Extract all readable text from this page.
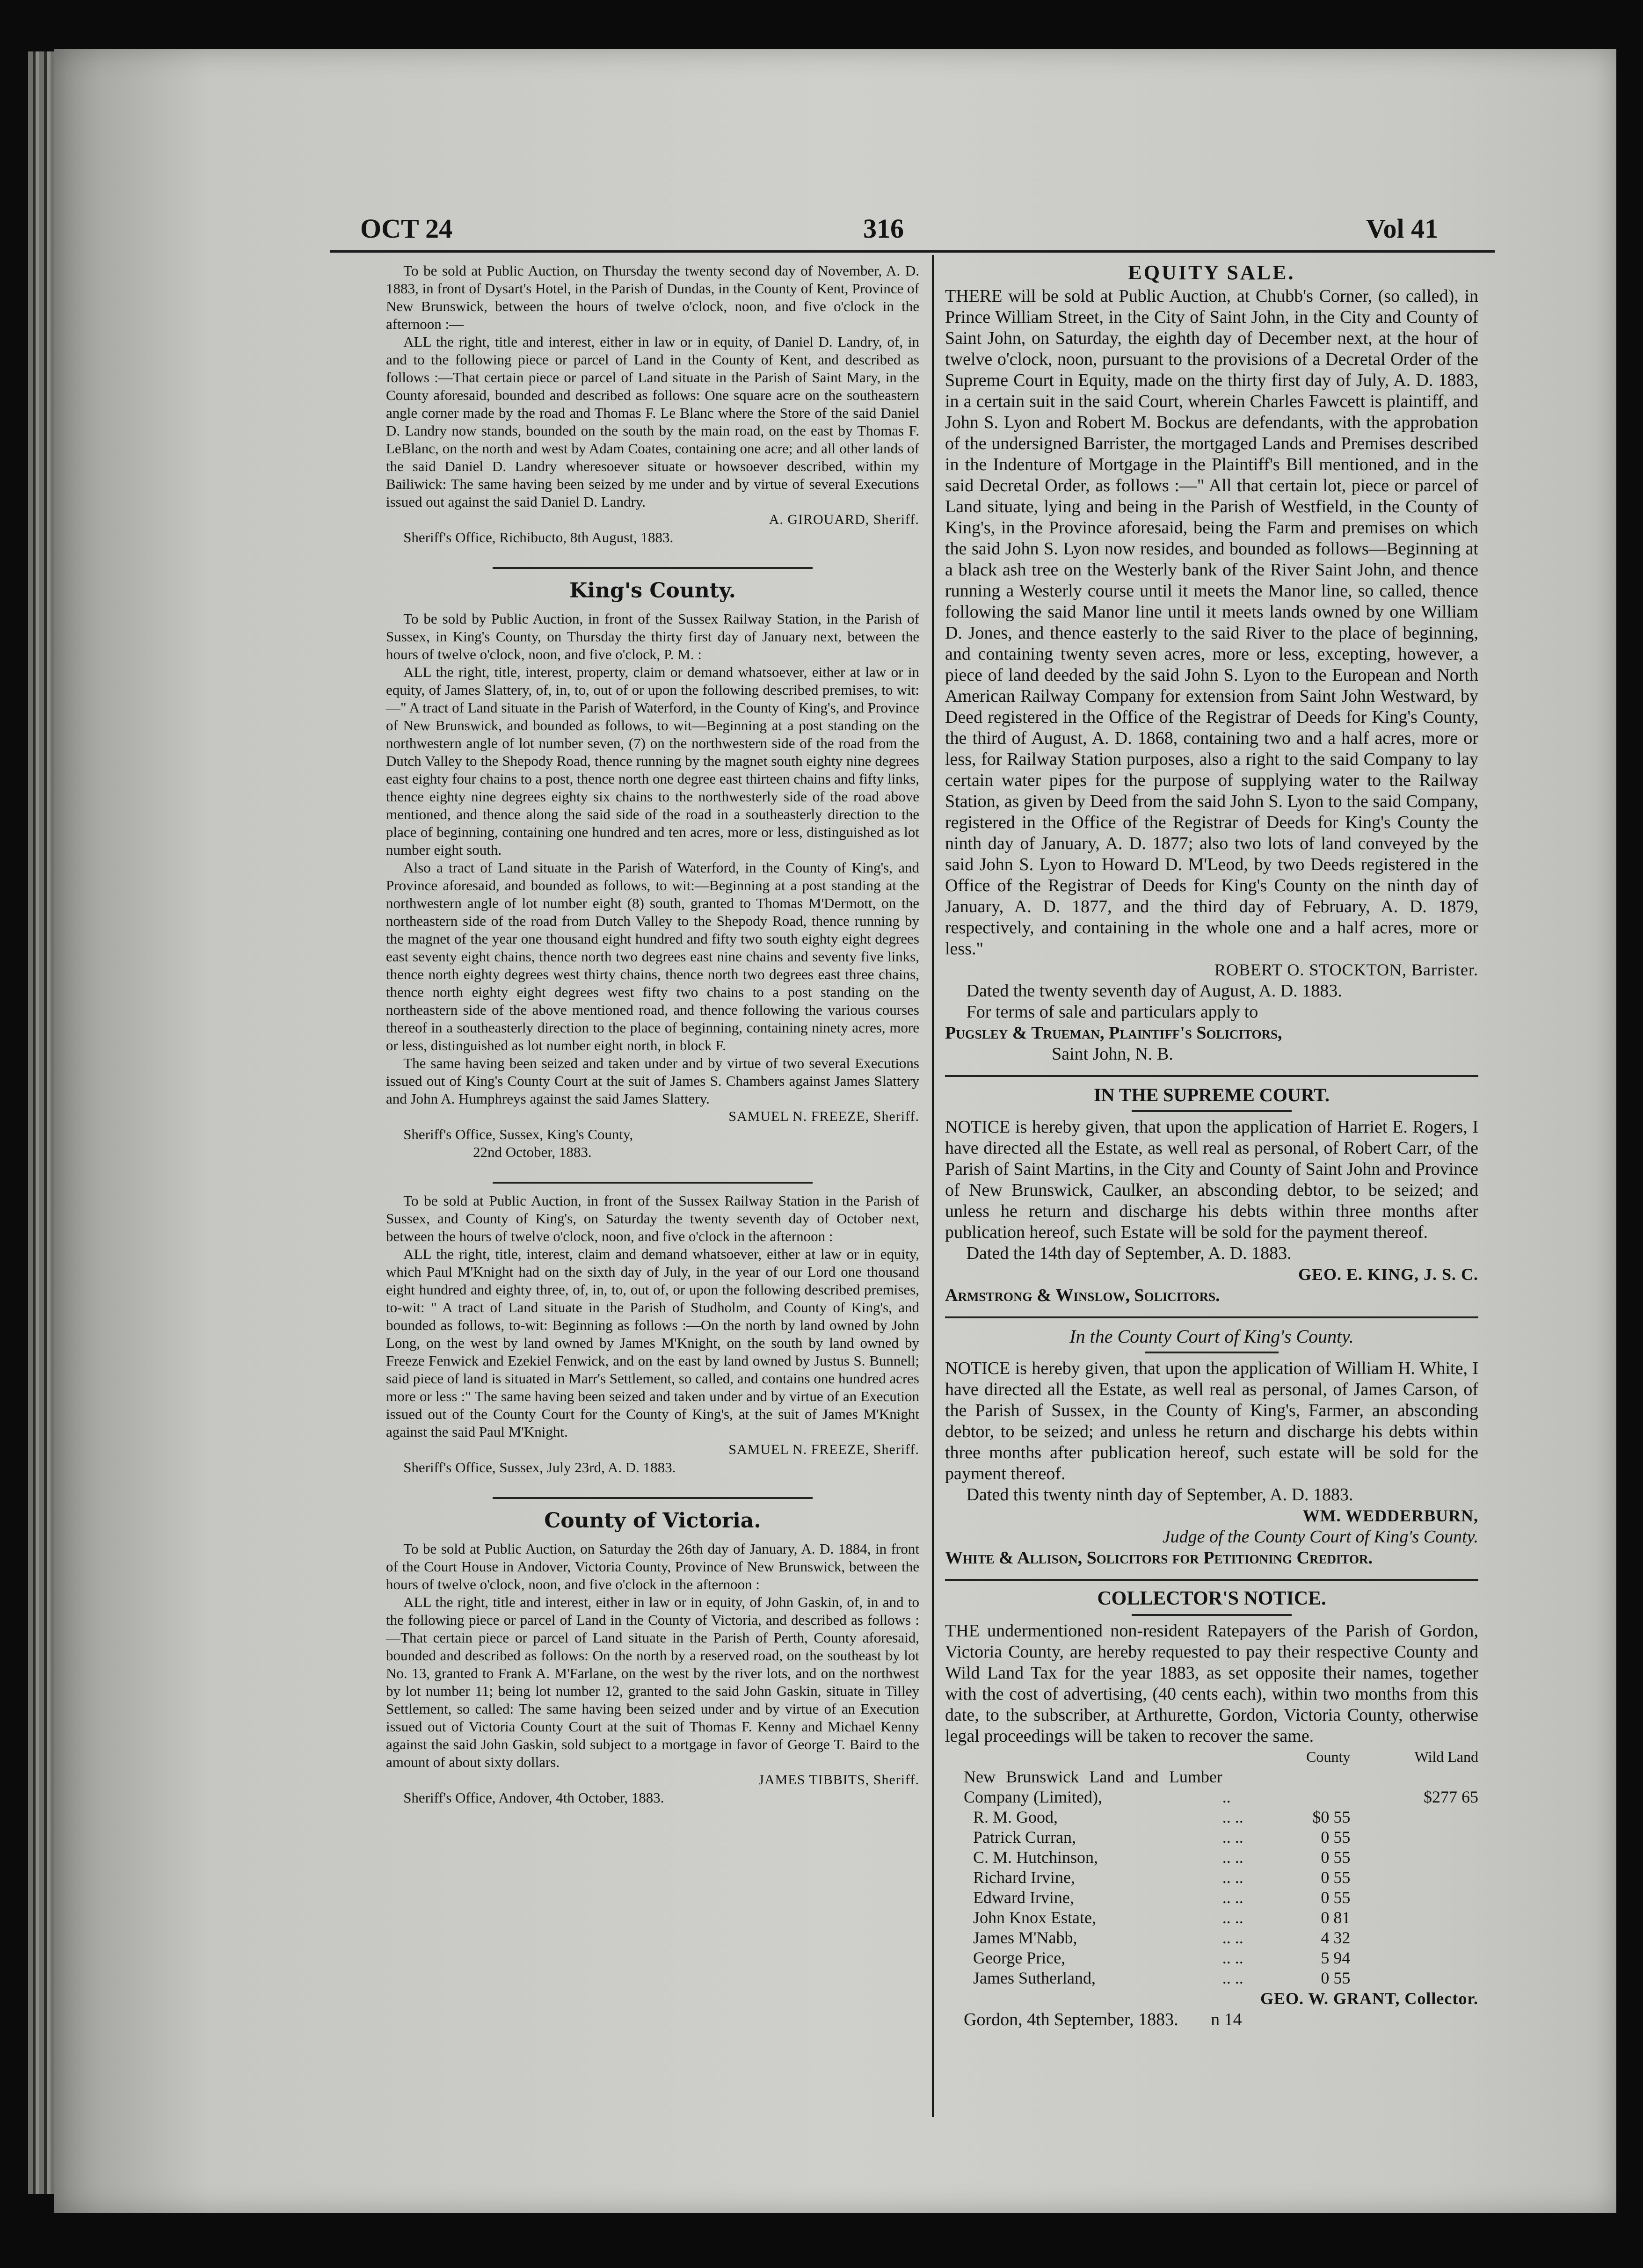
OCT 24	316	Vol 41

To be sold at Public Auction, on Thursday the twenty second day of November, A. D. 1883, in front of Dysart's Hotel, in the Parish of Dundas, in the County of Kent, Province of New Brunswick, between the hours of twelve o'clock, noon, and five o'clock in the afternoon :—

ALL the right, title and interest, either in law or in equity, of Daniel D. Landry, of, in and to the following piece or parcel of Land in the County of Kent, and described as follows :—That certain piece or parcel of Land situate in the Parish of Saint Mary, in the County aforesaid, bounded and described as follows: One square acre on the southeastern angle corner made by the road and Thomas F. Le Blanc where the Store of the said Daniel D. Landry now stands, bounded on the south by the main road, on the east by Thomas F. LeBlanc, on the north and west by Adam Coates, containing one acre; and all other lands of the said Daniel D. Landry wheresoever situate or howsoever described, within my Bailiwick: The same having been seized by me under and by virtue of several Executions issued out against the said Daniel D. Landry.

A. GIROUARD, Sheriff.

Sheriff's Office, Richibucto, 8th August, 1883.

King's County.

To be sold by Public Auction, in front of the Sussex Railway Station, in the Parish of Sussex, in King's County, on Thursday the thirty first day of January next, between the hours of twelve o'clock, noon, and five o'clock, P. M. :

ALL the right, title, interest, property, claim or demand whatsoever, either at law or in equity, of James Slattery, of, in, to, out of or upon the following described premises, to wit:—" A tract of Land situate in the Parish of Waterford, in the County of King's, and Province of New Brunswick, and bounded as follows, to wit—Beginning at a post standing on the northwestern angle of lot number seven, (7) on the northwestern side of the road from the Dutch Valley to the Shepody Road, thence running by the magnet south eighty nine degrees east eighty four chains to a post, thence north one degree east thirteen chains and fifty links, thence eighty nine degrees eighty six chains to the northwesterly side of the road above mentioned, and thence along the said side of the road in a southeasterly direction to the place of beginning, containing one hundred and ten acres, more or less, distinguished as lot number eight south.

Also a tract of Land situate in the Parish of Waterford, in the County of King's, and Province aforesaid, and bounded as follows, to wit:—Beginning at a post standing at the northwestern angle of lot number eight (8) south, granted to Thomas M'Dermott, on the northeastern side of the road from Dutch Valley to the Shepody Road, thence running by the magnet of the year one thousand eight hundred and fifty two south eighty eight degrees east seventy eight chains, thence north two degrees east nine chains and seventy five links, thence north eighty degrees west thirty chains, thence north two degrees east three chains, thence north eighty eight degrees west fifty two chains to a post standing on the northeastern side of the above mentioned road, and thence following the various courses thereof in a southeasterly direction to the place of beginning, containing ninety acres, more or less, distinguished as lot number eight north, in block F.

The same having been seized and taken under and by virtue of two several Executions issued out of King's County Court at the suit of James S. Chambers against James Slattery and John A. Humphreys against the said James Slattery.

SAMUEL N. FREEZE, Sheriff.

Sheriff's Office, Sussex, King's County,

22nd October, 1883.

To be sold at Public Auction, in front of the Sussex Railway Station in the Parish of Sussex, and County of King's, on Saturday the twenty seventh day of October next, between the hours of twelve o'clock, noon, and five o'clock in the afternoon :

ALL the right, title, interest, claim and demand whatsoever, either at law or in equity, which Paul M'Knight had on the sixth day of July, in the year of our Lord one thousand eight hundred and eighty three, of, in, to, out of, or upon the following described premises, to-wit: " A tract of Land situate in the Parish of Studholm, and County of King's, and bounded as follows, to-wit: Beginning as follows :—On the north by land owned by John Long, on the west by land owned by James M'Knight, on the south by land owned by Freeze Fenwick and Ezekiel Fenwick, and on the east by land owned by Justus S. Bunnell; said piece of land is situated in Marr's Settlement, so called, and contains one hundred acres more or less :" The same having been seized and taken under and by virtue of an Execution issued out of the County Court for the County of King's, at the suit of James M'Knight against the said Paul M'Knight.

SAMUEL N. FREEZE, Sheriff.

Sheriff's Office, Sussex, July 23rd, A. D. 1883.

County of Victoria.

To be sold at Public Auction, on Saturday the 26th day of January, A. D. 1884, in front of the Court House in Andover, Victoria County, Province of New Brunswick, between the hours of twelve o'clock, noon, and five o'clock in the afternoon :

ALL the right, title and interest, either in law or in equity, of John Gaskin, of, in and to the following piece or parcel of Land in the County of Victoria, and described as follows :—That certain piece or parcel of Land situate in the Parish of Perth, County aforesaid, bounded and described as follows: On the north by a reserved road, on the southeast by lot No. 13, granted to Frank A. M'Farlane, on the west by the river lots, and on the northwest by lot number 11; being lot number 12, granted to the said John Gaskin, situate in Tilley Settlement, so called: The same having been seized under and by virtue of an Execution issued out of Victoria County Court at the suit of Thomas F. Kenny and Michael Kenny against the said John Gaskin, sold subject to a mortgage in favor of George T. Baird to the amount of about sixty dollars.

JAMES TIBBITS, Sheriff.

Sheriff's Office, Andover, 4th October, 1883.

EQUITY SALE.

THERE will be sold at Public Auction, at Chubb's Corner, (so called), in Prince William Street, in the City of Saint John, in the City and County of Saint John, on Saturday, the eighth day of December next, at the hour of twelve o'clock, noon, pursuant to the provisions of a Decretal Order of the Supreme Court in Equity, made on the thirty first day of July, A. D. 1883, in a certain suit in the said Court, wherein Charles Fawcett is plaintiff, and John S. Lyon and Robert M. Bockus are defendants, with the approbation of the undersigned Barrister, the mortgaged Lands and Premises described in the Indenture of Mortgage in the Plaintiff's Bill mentioned, and in the said Decretal Order, as follows :—" All that certain lot, piece or parcel of Land situate, lying and being in the Parish of Westfield, in the County of King's, in the Province aforesaid, being the Farm and premises on which the said John S. Lyon now resides, and bounded as follows—Beginning at a black ash tree on the Westerly bank of the River Saint John, and thence running a Westerly course until it meets the Manor line, so called, thence following the said Manor line until it meets lands owned by one William D. Jones, and thence easterly to the said River to the place of beginning, and containing twenty seven acres, more or less, excepting, however, a piece of land deeded by the said John S. Lyon to the European and North American Railway Company for extension from Saint John Westward, by Deed registered in the Office of the Registrar of Deeds for King's County, the third of August, A. D. 1868, containing two and a half acres, more or less, for Railway Station purposes, also a right to the said Company to lay certain water pipes for the purpose of supplying water to the Railway Station, as given by Deed from the said John S. Lyon to the said Company, registered in the Office of the Registrar of Deeds for King's County the ninth day of January, A. D. 1877; also two lots of land conveyed by the said John S. Lyon to Howard D. M'Leod, by two Deeds registered in the Office of the Registrar of Deeds for King's County on the ninth day of January, A. D. 1877, and the third day of February, A. D. 1879, respectively, and containing in the whole one and a half acres, more or less."

ROBERT O. STOCKTON, Barrister.

Dated the twenty seventh day of August, A. D. 1883.

For terms of sale and particulars apply to

Pugsley & Trueman, Plaintiff's Solicitors,

Saint John, N. B.

IN THE SUPREME COURT.

NOTICE is hereby given, that upon the application of Harriet E. Rogers, I have directed all the Estate, as well real as personal, of Robert Carr, of the Parish of Saint Martins, in the City and County of Saint John and Province of New Brunswick, Caulker, an absconding debtor, to be seized; and unless he return and discharge his debts within three months after publication hereof, such Estate will be sold for the payment thereof.

Dated the 14th day of September, A. D. 1883.

GEO. E. KING, J. S. C.

Armstrong & Winslow, Solicitors.

In the County Court of King's County.

NOTICE is hereby given, that upon the application of William H. White, I have directed all the Estate, as well real as personal, of James Carson, of the Parish of Sussex, in the County of King's, Farmer, an absconding debtor, to be seized; and unless he return and discharge his debts within three months after publication hereof, such estate will be sold for the payment thereof.

Dated this twenty ninth day of September, A. D. 1883.

WM. WEDDERBURN,

Judge of the County Court of King's County.

White & Allison, Solicitors for Petitioning Creditor.

COLLECTOR'S NOTICE.

THE undermentioned non-resident Ratepayers of the Parish of Gordon, Victoria County, are hereby requested to pay their respective County and Wild Land Tax for the year 1883, as set opposite their names, together with the cost of advertising, (40 cents each), within two months from this date, to the subscriber, at Arthurette, Gordon, Victoria County, otherwise legal proceedings will be taken to recover the same.

		County	Wild Land
New Brunswick Land and Lumber Company (Limited),	..		$277 65
R. M. Good,	.. ..	$0 55	
Patrick Curran,	.. ..	0 55	
C. M. Hutchinson,	.. ..	0 55	
Richard Irvine,	.. ..	0 55	
Edward Irvine,	.. ..	0 55	
John Knox Estate,	.. ..	0 81	
James M'Nabb,	.. ..	4 32	
George Price,	.. ..	5 94	
James Sutherland,	.. ..	0 55	

GEO. W. GRANT, Collector.

Gordon, 4th September, 1883. n 14
